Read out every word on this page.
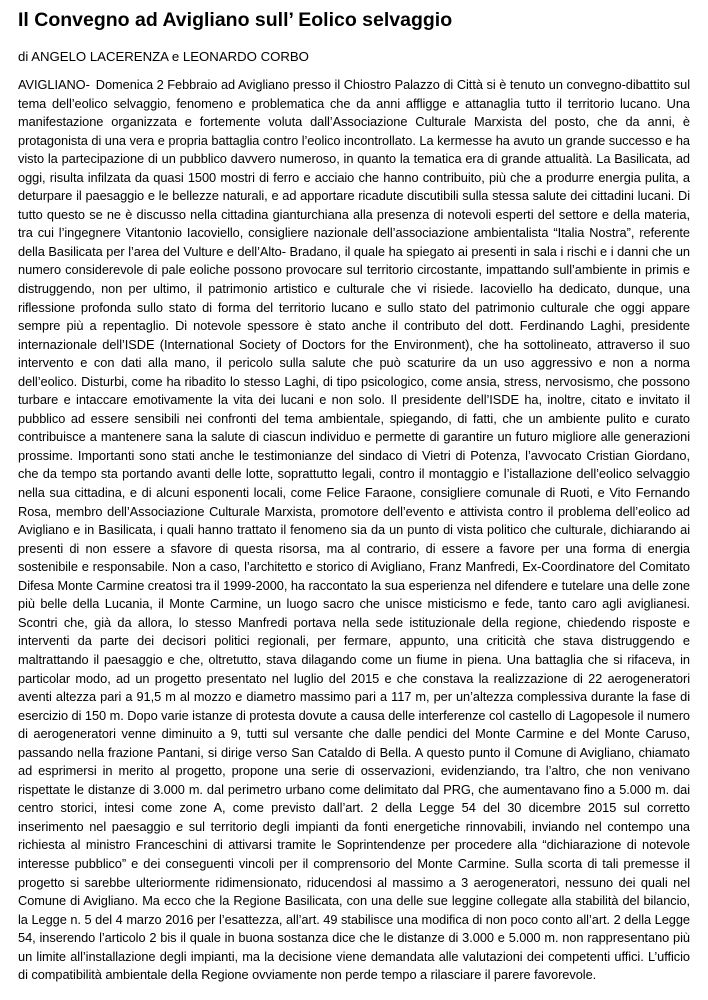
Il Convegno ad Avigliano sull’ Eolico selvaggio

di ANGELO LACERENZA e LEONARDO CORBO

AVIGLIANO- Domenica 2 Febbraio ad Avigliano presso il Chiostro Palazzo di Città si è tenuto un convegno-dibattito sul tema dell’eolico selvaggio, fenomeno e problematica che da anni affligge e attanaglia tutto il territorio lucano. Una manifestazione organizzata e fortemente voluta dall’Associazione Culturale Marxista del posto, che da anni, è protagonista di una vera e propria battaglia contro l’eolico incontrollato. La kermesse ha avuto un grande successo e ha visto la partecipazione di un pubblico davvero numeroso, in quanto la tematica era di grande attualità. La Basilicata, ad oggi, risulta infilzata da quasi 1500 mostri di ferro e acciaio che hanno contribuito, più che a produrre energia pulita, a deturpare il paesaggio e le bellezze naturali, e ad apportare ricadute discutibili sulla stessa salute dei cittadini lucani. Di tutto questo se ne è discusso nella cittadina gianturchiana alla presenza di notevoli esperti del settore e della materia, tra cui l’ingegnere Vitantonio Iacoviello, consigliere nazionale dell’associazione ambientalista “Italia Nostra”, referente della Basilicata per l’area del Vulture e dell’Alto- Bradano, il quale ha spiegato ai presenti in sala i rischi e i danni che un numero considerevole di pale eoliche possono provocare sul territorio circostante, impattando sull’ambiente in primis e distruggendo, non per ultimo, il patrimonio artistico e culturale che vi risiede. Iacoviello ha dedicato, dunque, una riflessione profonda sullo stato di forma del territorio lucano e sullo stato del patrimonio culturale che oggi appare sempre più a repentaglio. Di notevole spessore è stato anche il contributo del dott. Ferdinando Laghi, presidente internazionale dell’ISDE (International Society of Doctors for the Environment), che ha sottolineato, attraverso il suo intervento e con dati alla mano, il pericolo sulla salute che può scaturire da un uso aggressivo e non a norma dell’eolico. Disturbi, come ha ribadito lo stesso Laghi, di tipo psicologico, come ansia, stress, nervosismo, che possono turbare e intaccare emotivamente la vita dei lucani e non solo. Il presidente dell’ISDE ha, inoltre, citato e invitato il pubblico ad essere sensibili nei confronti del tema ambientale, spiegando, di fatti, che un ambiente pulito e curato contribuisce a mantenere sana la salute di ciascun individuo e permette di garantire un futuro migliore alle generazioni prossime. Importanti sono stati anche le testimonianze del sindaco di Vietri di Potenza, l’avvocato Cristian Giordano, che da tempo sta portando avanti delle lotte, soprattutto legali, contro il montaggio e l’istallazione dell’eolico selvaggio nella sua cittadina, e di alcuni esponenti locali, come Felice Faraone, consigliere comunale di Ruoti, e Vito Fernando Rosa, membro dell’Associazione Culturale Marxista, promotore dell’evento e attivista contro il problema dell’eolico ad Avigliano e in Basilicata, i quali hanno trattato il fenomeno sia da un punto di vista politico che culturale, dichiarando ai presenti di non essere a sfavore di questa risorsa, ma al contrario, di essere a favore per una forma di energia sostenibile e responsabile. Non a caso, l’architetto e storico di Avigliano, Franz Manfredi, Ex-Coordinatore del Comitato Difesa Monte Carmine creatosi tra il 1999-2000, ha raccontato la sua esperienza nel difendere e tutelare una delle zone più belle della Lucania, il Monte Carmine, un luogo sacro che unisce misticismo e fede, tanto caro agli aviglianesi. Scontri che, già da allora, lo stesso Manfredi portava nella sede istituzionale della regione, chiedendo risposte e interventi da parte dei decisori politici regionali, per fermare, appunto, una criticità che stava distruggendo e maltrattando il paesaggio e che, oltretutto, stava dilagando come un fiume in piena. Una battaglia che si rifaceva, in particolar modo, ad un progetto presentato nel luglio del 2015 e che constava la realizzazione di 22 aerogeneratori aventi altezza pari a 91,5 m al mozzo e diametro massimo pari a 117 m, per un’altezza complessiva durante la fase di esercizio di 150 m. Dopo varie istanze di protesta dovute a causa delle interferenze col castello di Lagopesole il numero di aerogeneratori venne diminuito a 9, tutti sul versante che dalle pendici del Monte Carmine e del Monte Caruso, passando nella frazione Pantani, si dirige verso San Cataldo di Bella. A questo punto il Comune di Avigliano, chiamato ad esprimersi in merito al progetto, propone una serie di osservazioni, evidenziando, tra l’altro, che non venivano rispettate le distanze di 3.000 m. dal perimetro urbano come delimitato dal PRG, che aumentavano fino a 5.000 m. dai centro storici, intesi come zone A, come previsto dall’art. 2 della Legge 54 del 30 dicembre 2015 sul corretto inserimento nel paesaggio e sul territorio degli impianti da fonti energetiche rinnovabili, inviando nel contempo una richiesta al ministro Franceschini di attivarsi tramite le Soprintendenze per procedere alla “dichiarazione di notevole interesse pubblico” e dei conseguenti vincoli per il comprensorio del Monte Carmine. Sulla scorta di tali premesse il progetto si sarebbe ulteriormente ridimensionato, riducendosi al massimo a 3 aerogeneratori, nessuno dei quali nel Comune di Avigliano. Ma ecco che la Regione Basilicata, con una delle sue leggine collegate alla stabilità del bilancio, la Legge n. 5 del 4 marzo 2016 per l’esattezza, all’art. 49 stabilisce una modifica di non poco conto all’art. 2 della Legge 54, inserendo l’articolo 2 bis il quale in buona sostanza dice che le distanze di 3.000 e 5.000 m. non rappresentano più un limite all’installazione degli impianti, ma la decisione viene demandata alle valutazioni dei competenti uffici. L’ufficio di compatibilità ambientale della Regione ovviamente non perde tempo a rilasciare il parere favorevole.
